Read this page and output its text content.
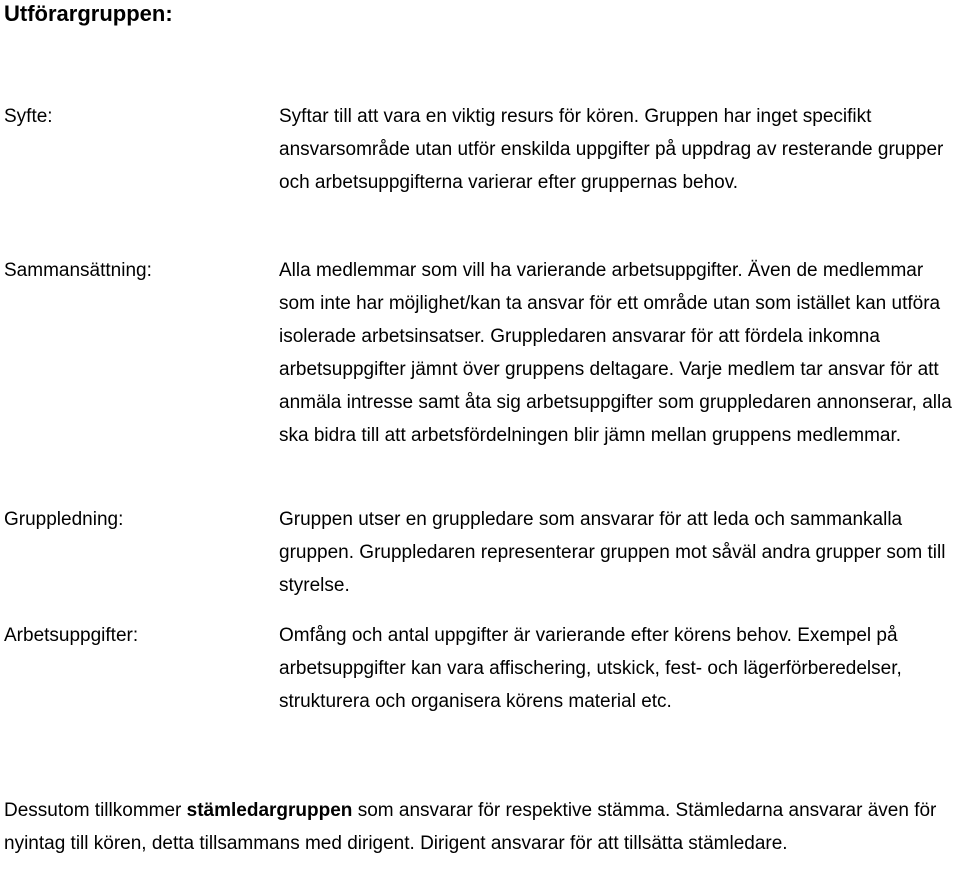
Utförargruppen:
Syfte:	Syftar till att vara en viktig resurs för kören. Gruppen har inget specifikt ansvarsområde utan utför enskilda uppgifter på uppdrag av resterande grupper och arbetsuppgifterna varierar efter gruppernas behov.
Sammansättning:	Alla medlemmar som vill ha varierande arbetsuppgifter. Även de medlemmar som inte har möjlighet/kan ta ansvar för ett område utan som istället kan utföra isolerade arbetsinsatser. Gruppledaren ansvarar för att fördela inkomna arbetsuppgifter jämnt över gruppens deltagare. Varje medlem tar ansvar för att anmäla intresse samt åta sig arbetsuppgifter som gruppledaren annonserar, alla ska bidra till att arbetsfördelningen blir jämn mellan gruppens medlemmar.
Gruppledning:	Gruppen utser en gruppledare som ansvarar för att leda och sammankalla gruppen. Gruppledaren representerar gruppen mot såväl andra grupper som till styrelse.
Arbetsuppgifter:	Omfång och antal uppgifter är varierande efter körens behov. Exempel på arbetsuppgifter kan vara affischering, utskick, fest- och lägerförberedelser, strukturera och organisera körens material etc.
Dessutom tillkommer stämledargruppen som ansvarar för respektive stämma. Stämledarna ansvarar även för nyintag till kören, detta tillsammans med dirigent. Dirigent ansvarar för att tillsätta stämledare.
